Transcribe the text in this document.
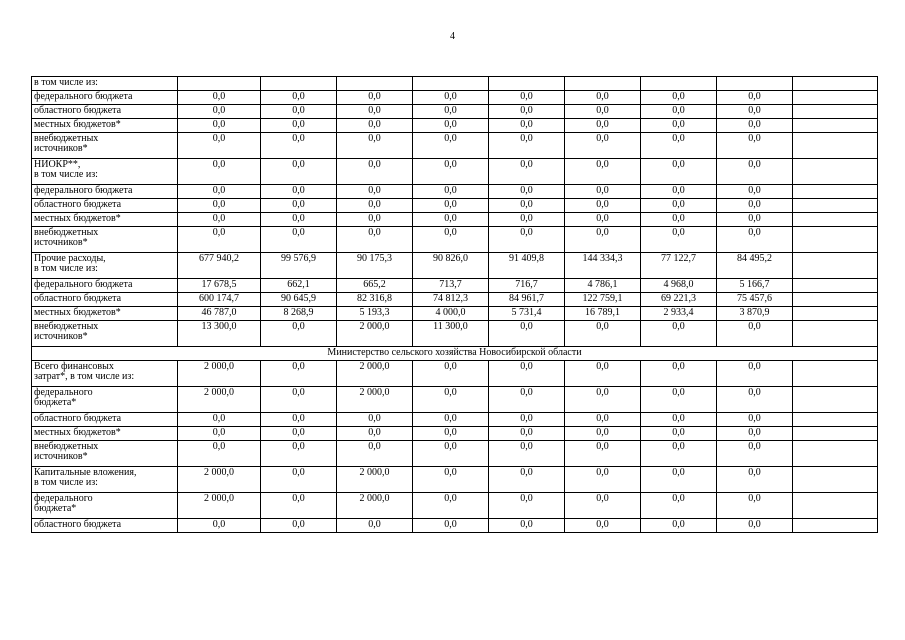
4
в том числе из:									
федерального бюджета	0,0	0,0	0,0	0,0	0,0	0,0	0,0	0,0	
областного бюджета	0,0	0,0	0,0	0,0	0,0	0,0	0,0	0,0	
местных бюджетов*	0,0	0,0	0,0	0,0	0,0	0,0	0,0	0,0	
внебюджетных
источников*	0,0	0,0	0,0	0,0	0,0	0,0	0,0	0,0	
НИОКР**,
в том числе из:	0,0	0,0	0,0	0,0	0,0	0,0	0,0	0,0	
федерального бюджета	0,0	0,0	0,0	0,0	0,0	0,0	0,0	0,0	
областного бюджета	0,0	0,0	0,0	0,0	0,0	0,0	0,0	0,0	
местных бюджетов*	0,0	0,0	0,0	0,0	0,0	0,0	0,0	0,0	
внебюджетных
источников*	0,0	0,0	0,0	0,0	0,0	0,0	0,0	0,0	
Прочие расходы,
в том числе из:	677 940,2	99 576,9	90 175,3	90 826,0	91 409,8	144 334,3	77 122,7	84 495,2	
федерального бюджета	17 678,5	662,1	665,2	713,7	716,7	4 786,1	4 968,0	5 166,7	
областного бюджета	600 174,7	90 645,9	82 316,8	74 812,3	84 961,7	122 759,1	69 221,3	75 457,6	
местных бюджетов*	46 787,0	8 268,9	5 193,3	4 000,0	5 731,4	16 789,1	2 933,4	3 870,9	
внебюджетных
источников*	13 300,0	0,0	2 000,0	11 300,0	0,0	0,0	0,0	0,0	
Министерство сельского хозяйства Новосибирской области									
Всего финансовых
затрат*, в том числе из:	2 000,0	0,0	2 000,0	0,0	0,0	0,0	0,0	0,0	
федерального
бюджета*	2 000,0	0,0	2 000,0	0,0	0,0	0,0	0,0	0,0	
областного бюджета	0,0	0,0	0,0	0,0	0,0	0,0	0,0	0,0	
местных бюджетов*	0,0	0,0	0,0	0,0	0,0	0,0	0,0	0,0	
внебюджетных
источников*	0,0	0,0	0,0	0,0	0,0	0,0	0,0	0,0	
Капитальные вложения,
в том числе из:	2 000,0	0,0	2 000,0	0,0	0,0	0,0	0,0	0,0	
федерального
бюджета*	2 000,0	0,0	2 000,0	0,0	0,0	0,0	0,0	0,0	
областного бюджета	0,0	0,0	0,0	0,0	0,0	0,0	0,0	0,0	
